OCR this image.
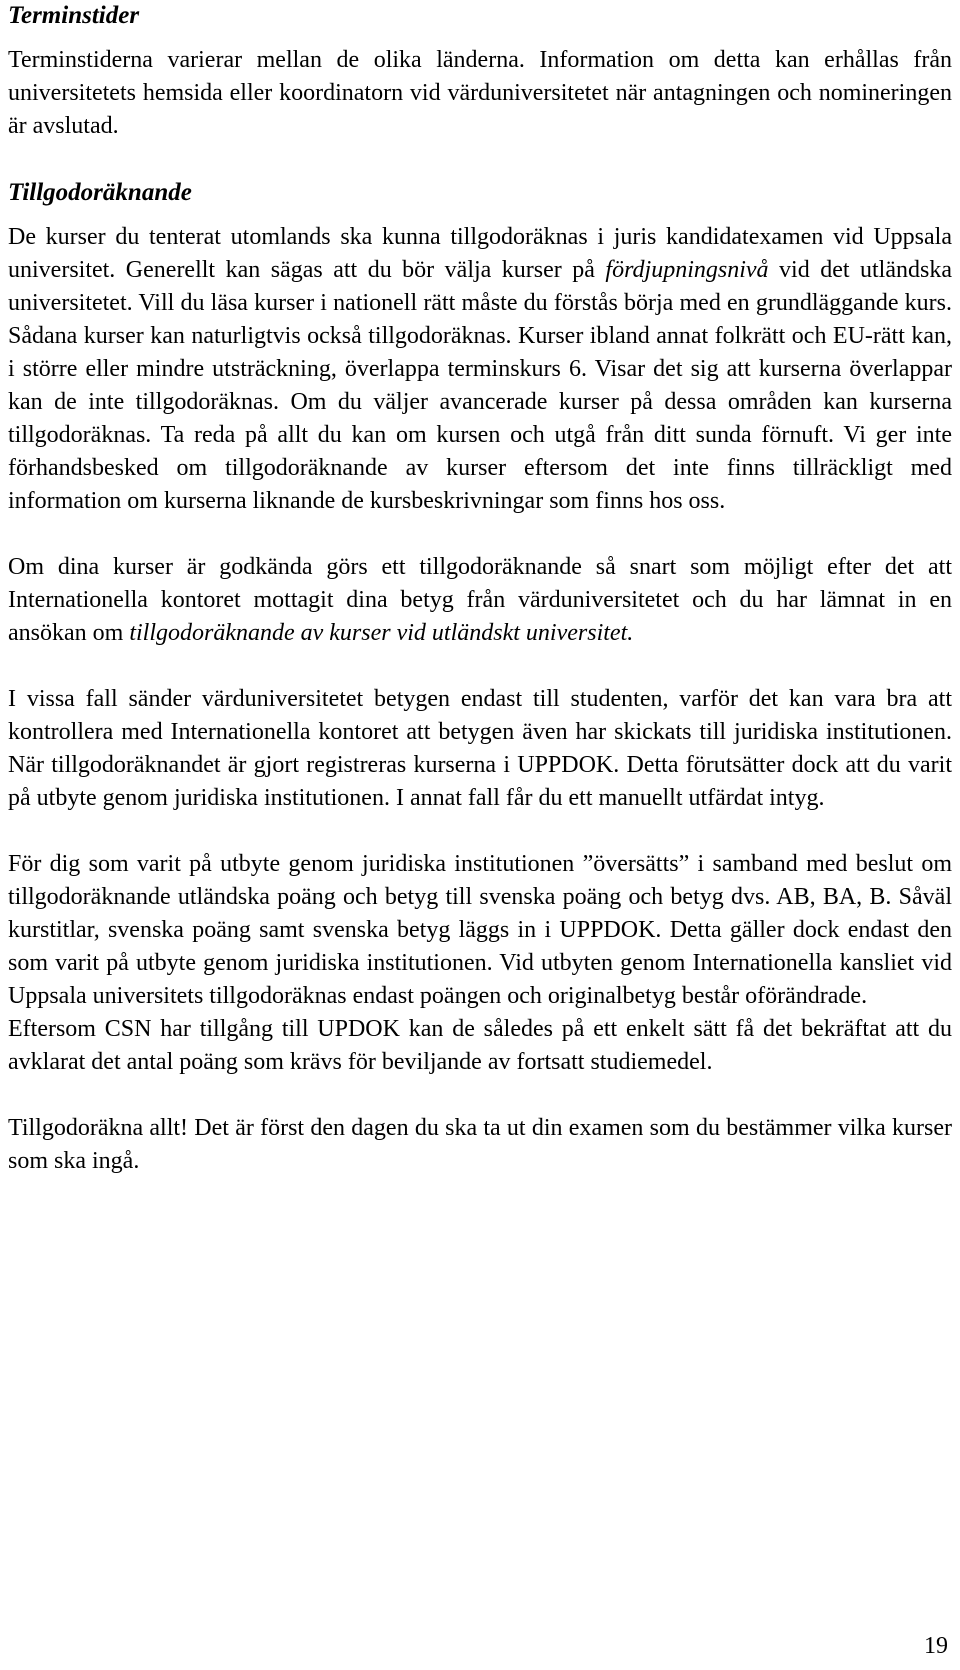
Terminstider

Terminstiderna varierar mellan de olika länderna. Information om detta kan erhållas från universitetets hemsida eller koordinatorn vid värduniversitetet när antagningen och nomineringen är avslutad.

Tillgodoräknande

De kurser du tenterat utomlands ska kunna tillgodoräknas i juris kandidatexamen vid Uppsala universitet. Generellt kan sägas att du bör välja kurser på fördjupningsnivå vid det utländska universitetet. Vill du läsa kurser i nationell rätt måste du förstås börja med en grundläggande kurs. Sådana kurser kan naturligtvis också tillgodoräknas. Kurser ibland annat folkrätt och EU-rätt kan, i större eller mindre utsträckning, överlappa terminskurs 6. Visar det sig att kurserna överlappar kan de inte tillgodoräknas. Om du väljer avancerade kurser på dessa områden kan kurserna tillgodoräknas. Ta reda på allt du kan om kursen och utgå från ditt sunda förnuft. Vi ger inte förhandsbesked om tillgodoräknande av kurser eftersom det inte finns tillräckligt med information om kurserna liknande de kursbeskrivningar som finns hos oss.

Om dina kurser är godkända görs ett tillgodoräknande så snart som möjligt efter det att Internationella kontoret mottagit dina betyg från värduniversitetet och du har lämnat in en ansökan om tillgodoräknande av kurser vid utländskt universitet.

I vissa fall sänder värduniversitetet betygen endast till studenten, varför det kan vara bra att kontrollera med Internationella kontoret att betygen även har skickats till juridiska institutionen. När tillgodoräknandet är gjort registreras kurserna i UPPDOK. Detta förutsätter dock att du varit på utbyte genom juridiska institutionen. I annat fall får du ett manuellt utfärdat intyg.

För dig som varit på utbyte genom juridiska institutionen ”översätts” i samband med beslut om tillgodoräknande utländska poäng och betyg till svenska poäng och betyg dvs. AB, BA, B. Såväl kurstitlar, svenska poäng samt svenska betyg läggs in i UPPDOK. Detta gäller dock endast den som varit på utbyte genom juridiska institutionen. Vid utbyten genom Internationella kansliet vid Uppsala universitets tillgodoräknas endast poängen och originalbetyg består oförändrade.

Eftersom CSN har tillgång till UPDOK kan de således på ett enkelt sätt få det bekräftat att du avklarat det antal poäng som krävs för beviljande av fortsatt studiemedel.

Tillgodoräkna allt! Det är först den dagen du ska ta ut din examen som du bestämmer vilka kurser som ska ingå.

19
